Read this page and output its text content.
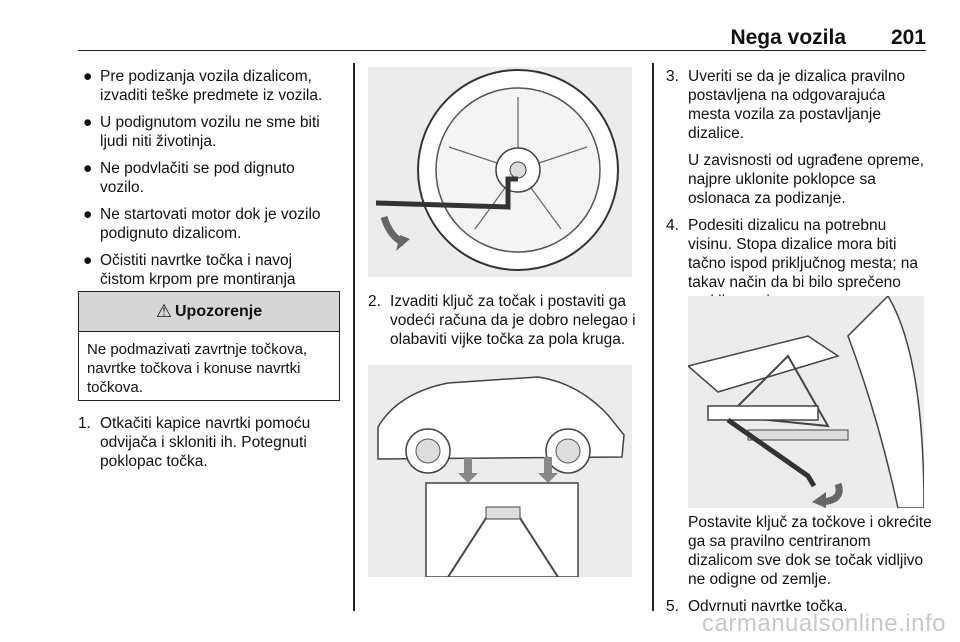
Nega vozila 201
● Pre podizanja vozila dizalicom, izvaditi teške predmete iz vozila.

● U podignutom vozilu ne sme biti ljudi niti životinja.

● Ne podvlačiti se pod dignuto vozilo.

● Ne startovati motor dok je vozilo podignuto dizalicom.

● Očistiti navrtke točka i navoj čistom krpom pre montiranja

⚠ Upozorenje
Ne podmazivati zavrtnje točkova, navrtke točkova i konuse navrtki točkova.
1. Otkačiti kapice navrtki pomoću odvijača i skloniti ih. Potegnuti poklopac točka.

2. Izvaditi ključ za točak i postaviti ga vodeći računa da je dobro nelegao i olabaviti vijke točka za pola kruga.

3. Uveriti se da je dizalica pravilno postavljena na odgovarajuća mesta vozila za postavljanje dizalice.

U zavisnosti od ugrađene opreme, najpre uklonite poklopce sa oslonaca za podizanje.

4. Podesiti dizalicu na potrebnu visinu. Stopa dizalice mora biti tačno ispod priključnog mesta; na takav način da bi bilo sprečeno

Postavite ključ za točkove i okrećite ga sa pravilno centriranom dizalicom sve dok se točak vidljivo ne odigne od zemlje.

5. Odvrnuti navrtke točka.

carmanualsonline.info
